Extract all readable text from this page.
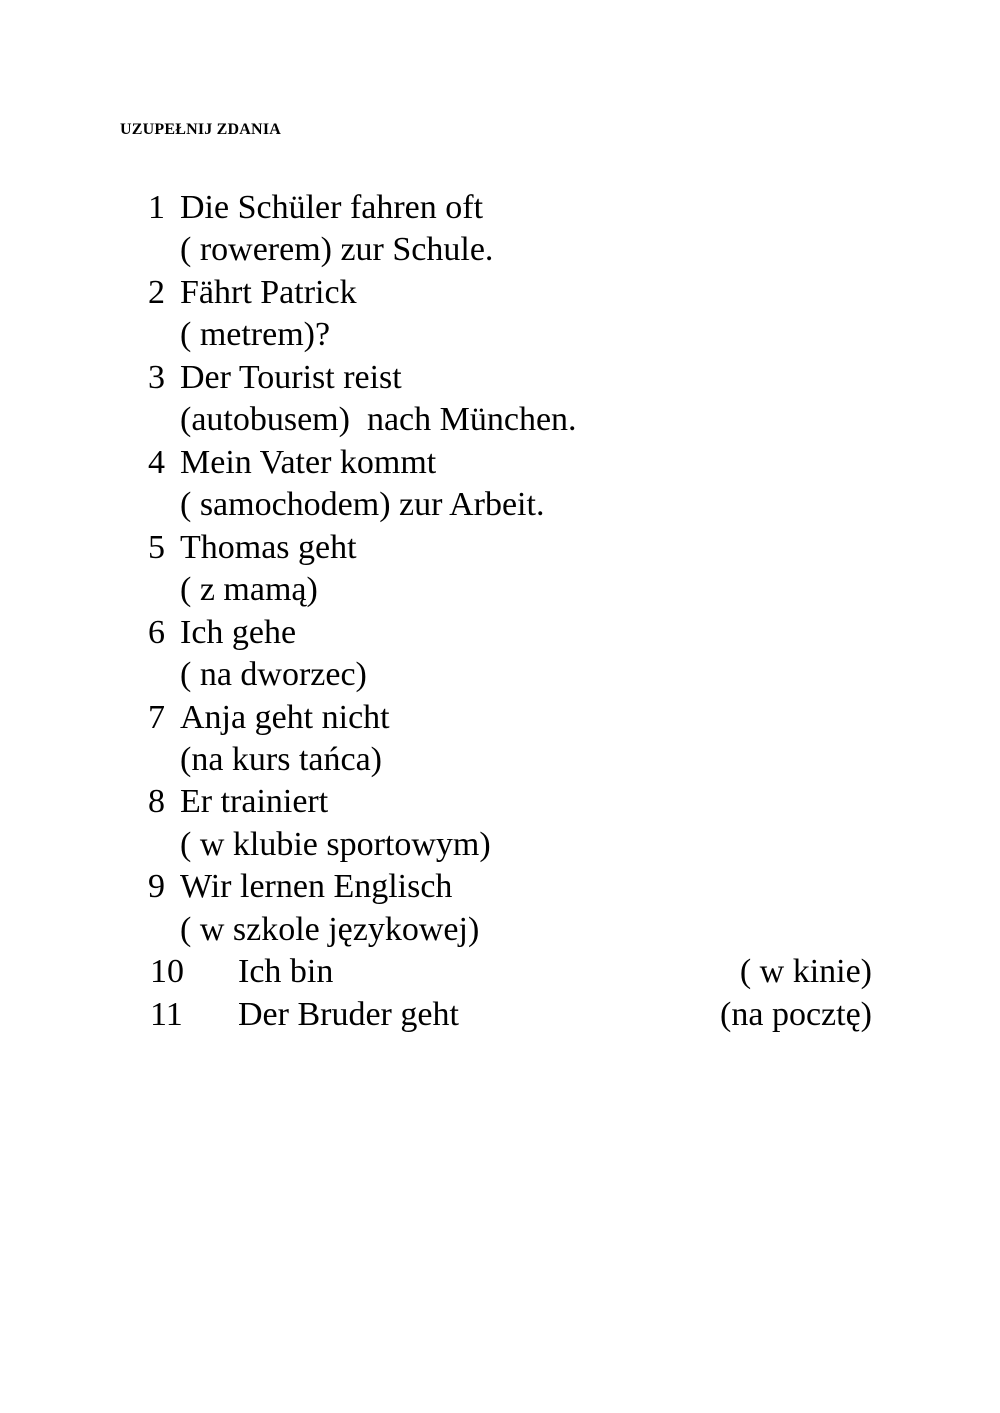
UZUPEŁNIJ ZDANIA
1 Die Schüler fahren oft
( rowerem) zur Schule.
2 Fährt Patrick
( metrem)?
3 Der Tourist reist
(autobusem)  nach München.
4 Mein Vater kommt
( samochodem) zur Arbeit.
5 Thomas geht
( z mamą)
6 Ich gehe
( na dworzec)
7 Anja geht nicht
(na kurs tańca)
8 Er trainiert
( w klubie sportowym)
9 Wir lernen Englisch
( w szkole językowej)
10 Ich bin	( w kinie)
11 Der Bruder geht	(na pocztę)
